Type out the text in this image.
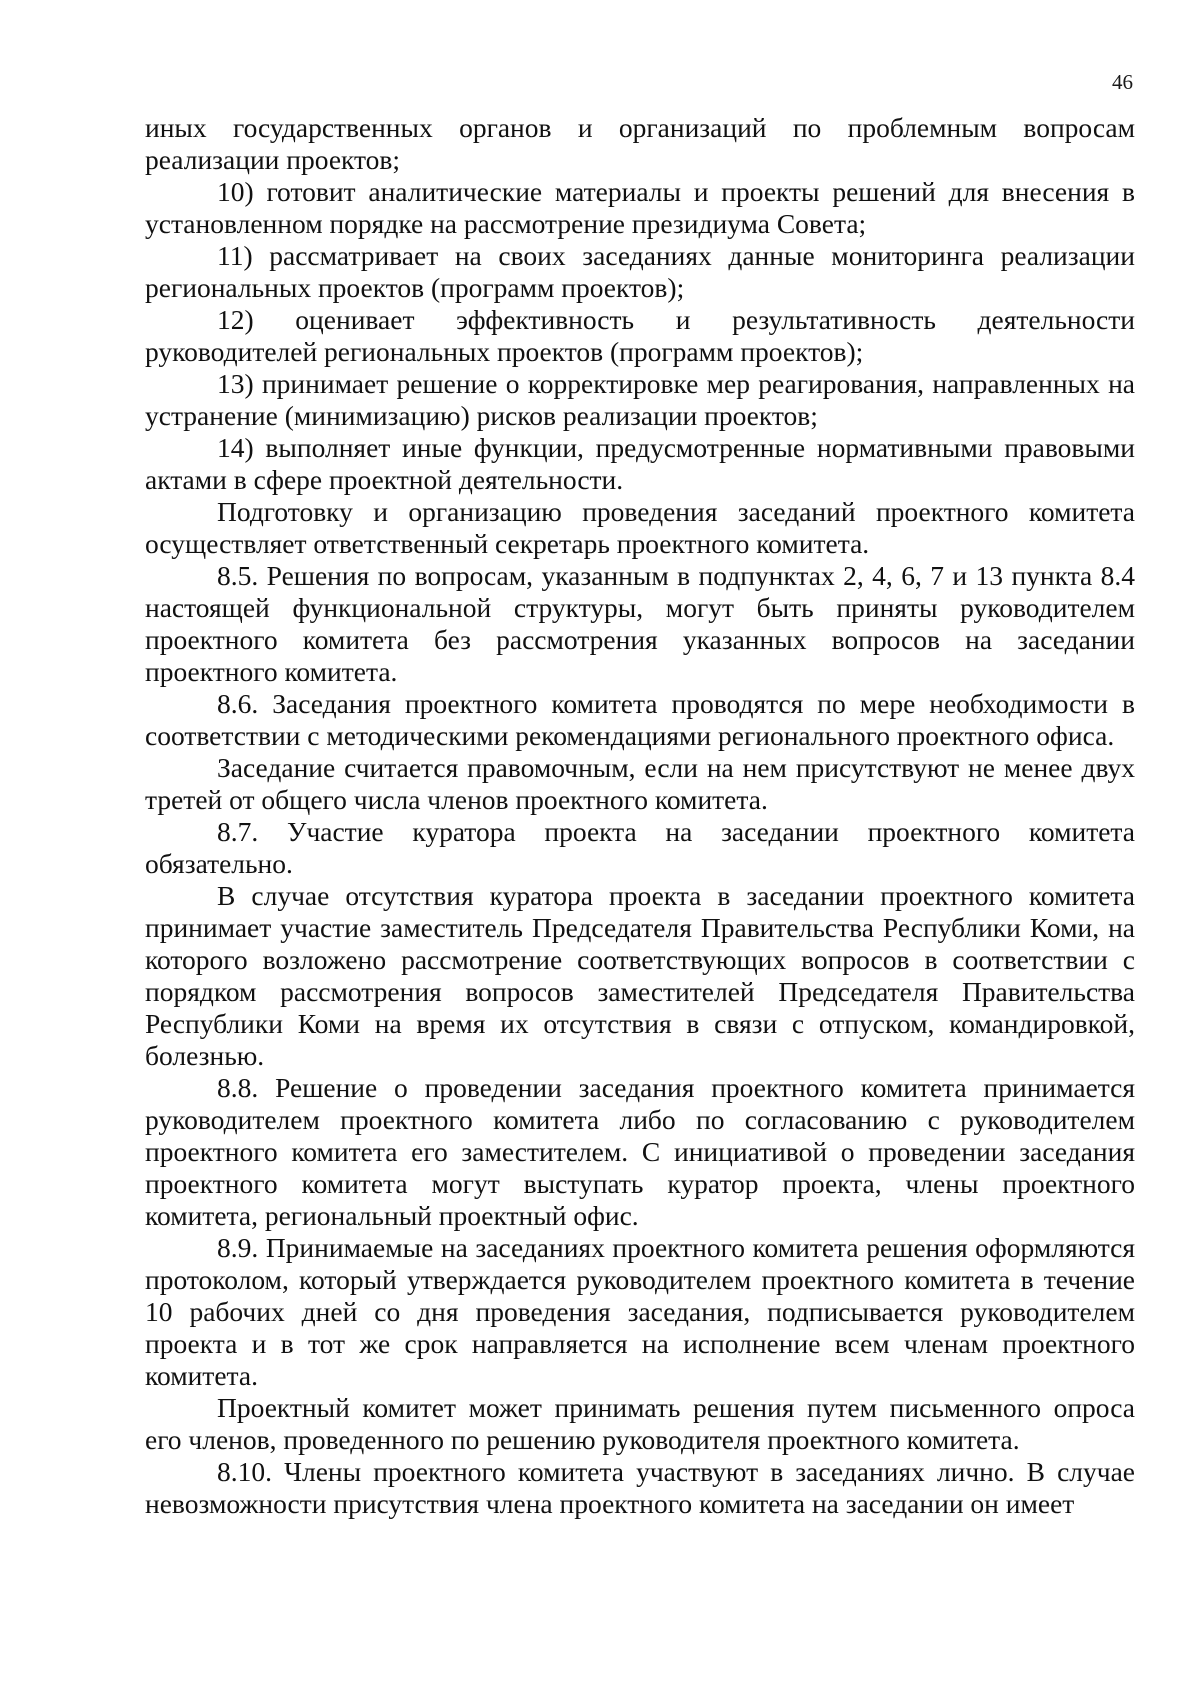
46

иных государственных органов и организаций по проблемным вопросам реализации проектов;

10) готовит аналитические материалы и проекты решений для внесения в установленном порядке на рассмотрение президиума Совета;

11) рассматривает на своих заседаниях данные мониторинга реализации региональных проектов (программ проектов);

12) оценивает эффективность и результативность деятельности руководителей региональных проектов (программ проектов);

13) принимает решение о корректировке мер реагирования, направленных на устранение (минимизацию) рисков реализации проектов;

14) выполняет иные функции, предусмотренные нормативными правовыми актами в сфере проектной деятельности.

Подготовку и организацию проведения заседаний проектного комитета осуществляет ответственный секретарь проектного комитета.

8.5. Решения по вопросам, указанным в подпунктах 2, 4, 6, 7 и 13 пункта 8.4 настоящей функциональной структуры, могут быть приняты руководителем проектного комитета без рассмотрения указанных вопросов на заседании проектного комитета.

8.6. Заседания проектного комитета проводятся по мере необходимости в соответствии с методическими рекомендациями регионального проектного офиса.

Заседание считается правомочным, если на нем присутствуют не менее двух третей от общего числа членов проектного комитета.

8.7. Участие куратора проекта на заседании проектного комитета обязательно.

В случае отсутствия куратора проекта в заседании проектного комитета принимает участие заместитель Председателя Правительства Республики Коми, на которого возложено рассмотрение соответствующих вопросов в соответствии с порядком рассмотрения вопросов заместителей Председателя Правительства Республики Коми на время их отсутствия в связи с отпуском, командировкой, болезнью.

8.8. Решение о проведении заседания проектного комитета принимается руководителем проектного комитета либо по согласованию с руководителем проектного комитета его заместителем. С инициативой о проведении заседания проектного комитета могут выступать куратор проекта, члены проектного комитета, региональный проектный офис.

8.9. Принимаемые на заседаниях проектного комитета решения оформляются протоколом, который утверждается руководителем проектного комитета в течение 10 рабочих дней со дня проведения заседания, подписывается руководителем проекта и в тот же срок направляется на исполнение всем членам проектного комитета.

Проектный комитет может принимать решения путем письменного опроса его членов, проведенного по решению руководителя проектного комитета.

8.10. Члены проектного комитета участвуют в заседаниях лично. В случае невозможности присутствия члена проектного комитета на заседании он имеет
